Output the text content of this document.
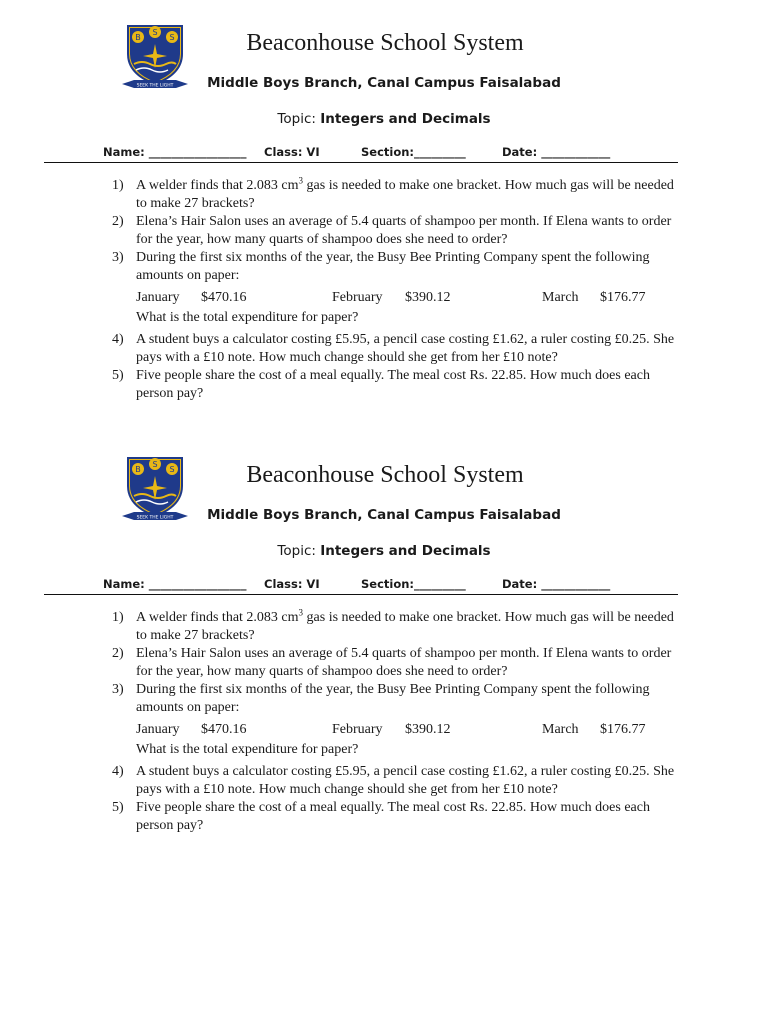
B
S
S
SEEK THE LIGHT
Beaconhouse School System
Middle Boys Branch, Canal Campus Faisalabad
Topic: Integers and Decimals
Name: _________________ Class: VI	Section:_________	Date: ____________
1) A welder finds that 2.083 $cm^3$ gas is needed to make one bracket. How much gas will be needed to make 27 brackets?
2) Elena’s Hair Salon uses an average of 5.4 quarts of shampoo per month. If Elena wants to order for the year, how many quarts of shampoo does she need to order?
3) During the first six months of the year, the Busy Bee Printing Company spent the following amounts on paper:
January $470.16	February $390.12	March $176.77
What is the total expenditure for paper?
4) A student buys a calculator costing £5.95, a pencil case costing £1.62, a ruler costing £0.25. She pays with a £10 note. How much change should she get from her £10 note?
5) Five people share the cost of a meal equally. The meal cost Rs. 22.85. How much does each person pay?
B
S
S
SEEK THE LIGHT
Beaconhouse School System
Middle Boys Branch, Canal Campus Faisalabad
Topic: Integers and Decimals
Name: _________________ Class: VI	Section:_________	Date: ____________
1) A welder finds that 2.083 $cm^3$ gas is needed to make one bracket. How much gas will be needed to make 27 brackets?
2) Elena’s Hair Salon uses an average of 5.4 quarts of shampoo per month. If Elena wants to order for the year, how many quarts of shampoo does she need to order?
3) During the first six months of the year, the Busy Bee Printing Company spent the following amounts on paper:
January $470.16	February $390.12	March $176.77
What is the total expenditure for paper?
4) A student buys a calculator costing £5.95, a pencil case costing £1.62, a ruler costing £0.25. She pays with a £10 note. How much change should she get from her £10 note?
5) Five people share the cost of a meal equally. The meal cost Rs. 22.85. How much does each person pay?
